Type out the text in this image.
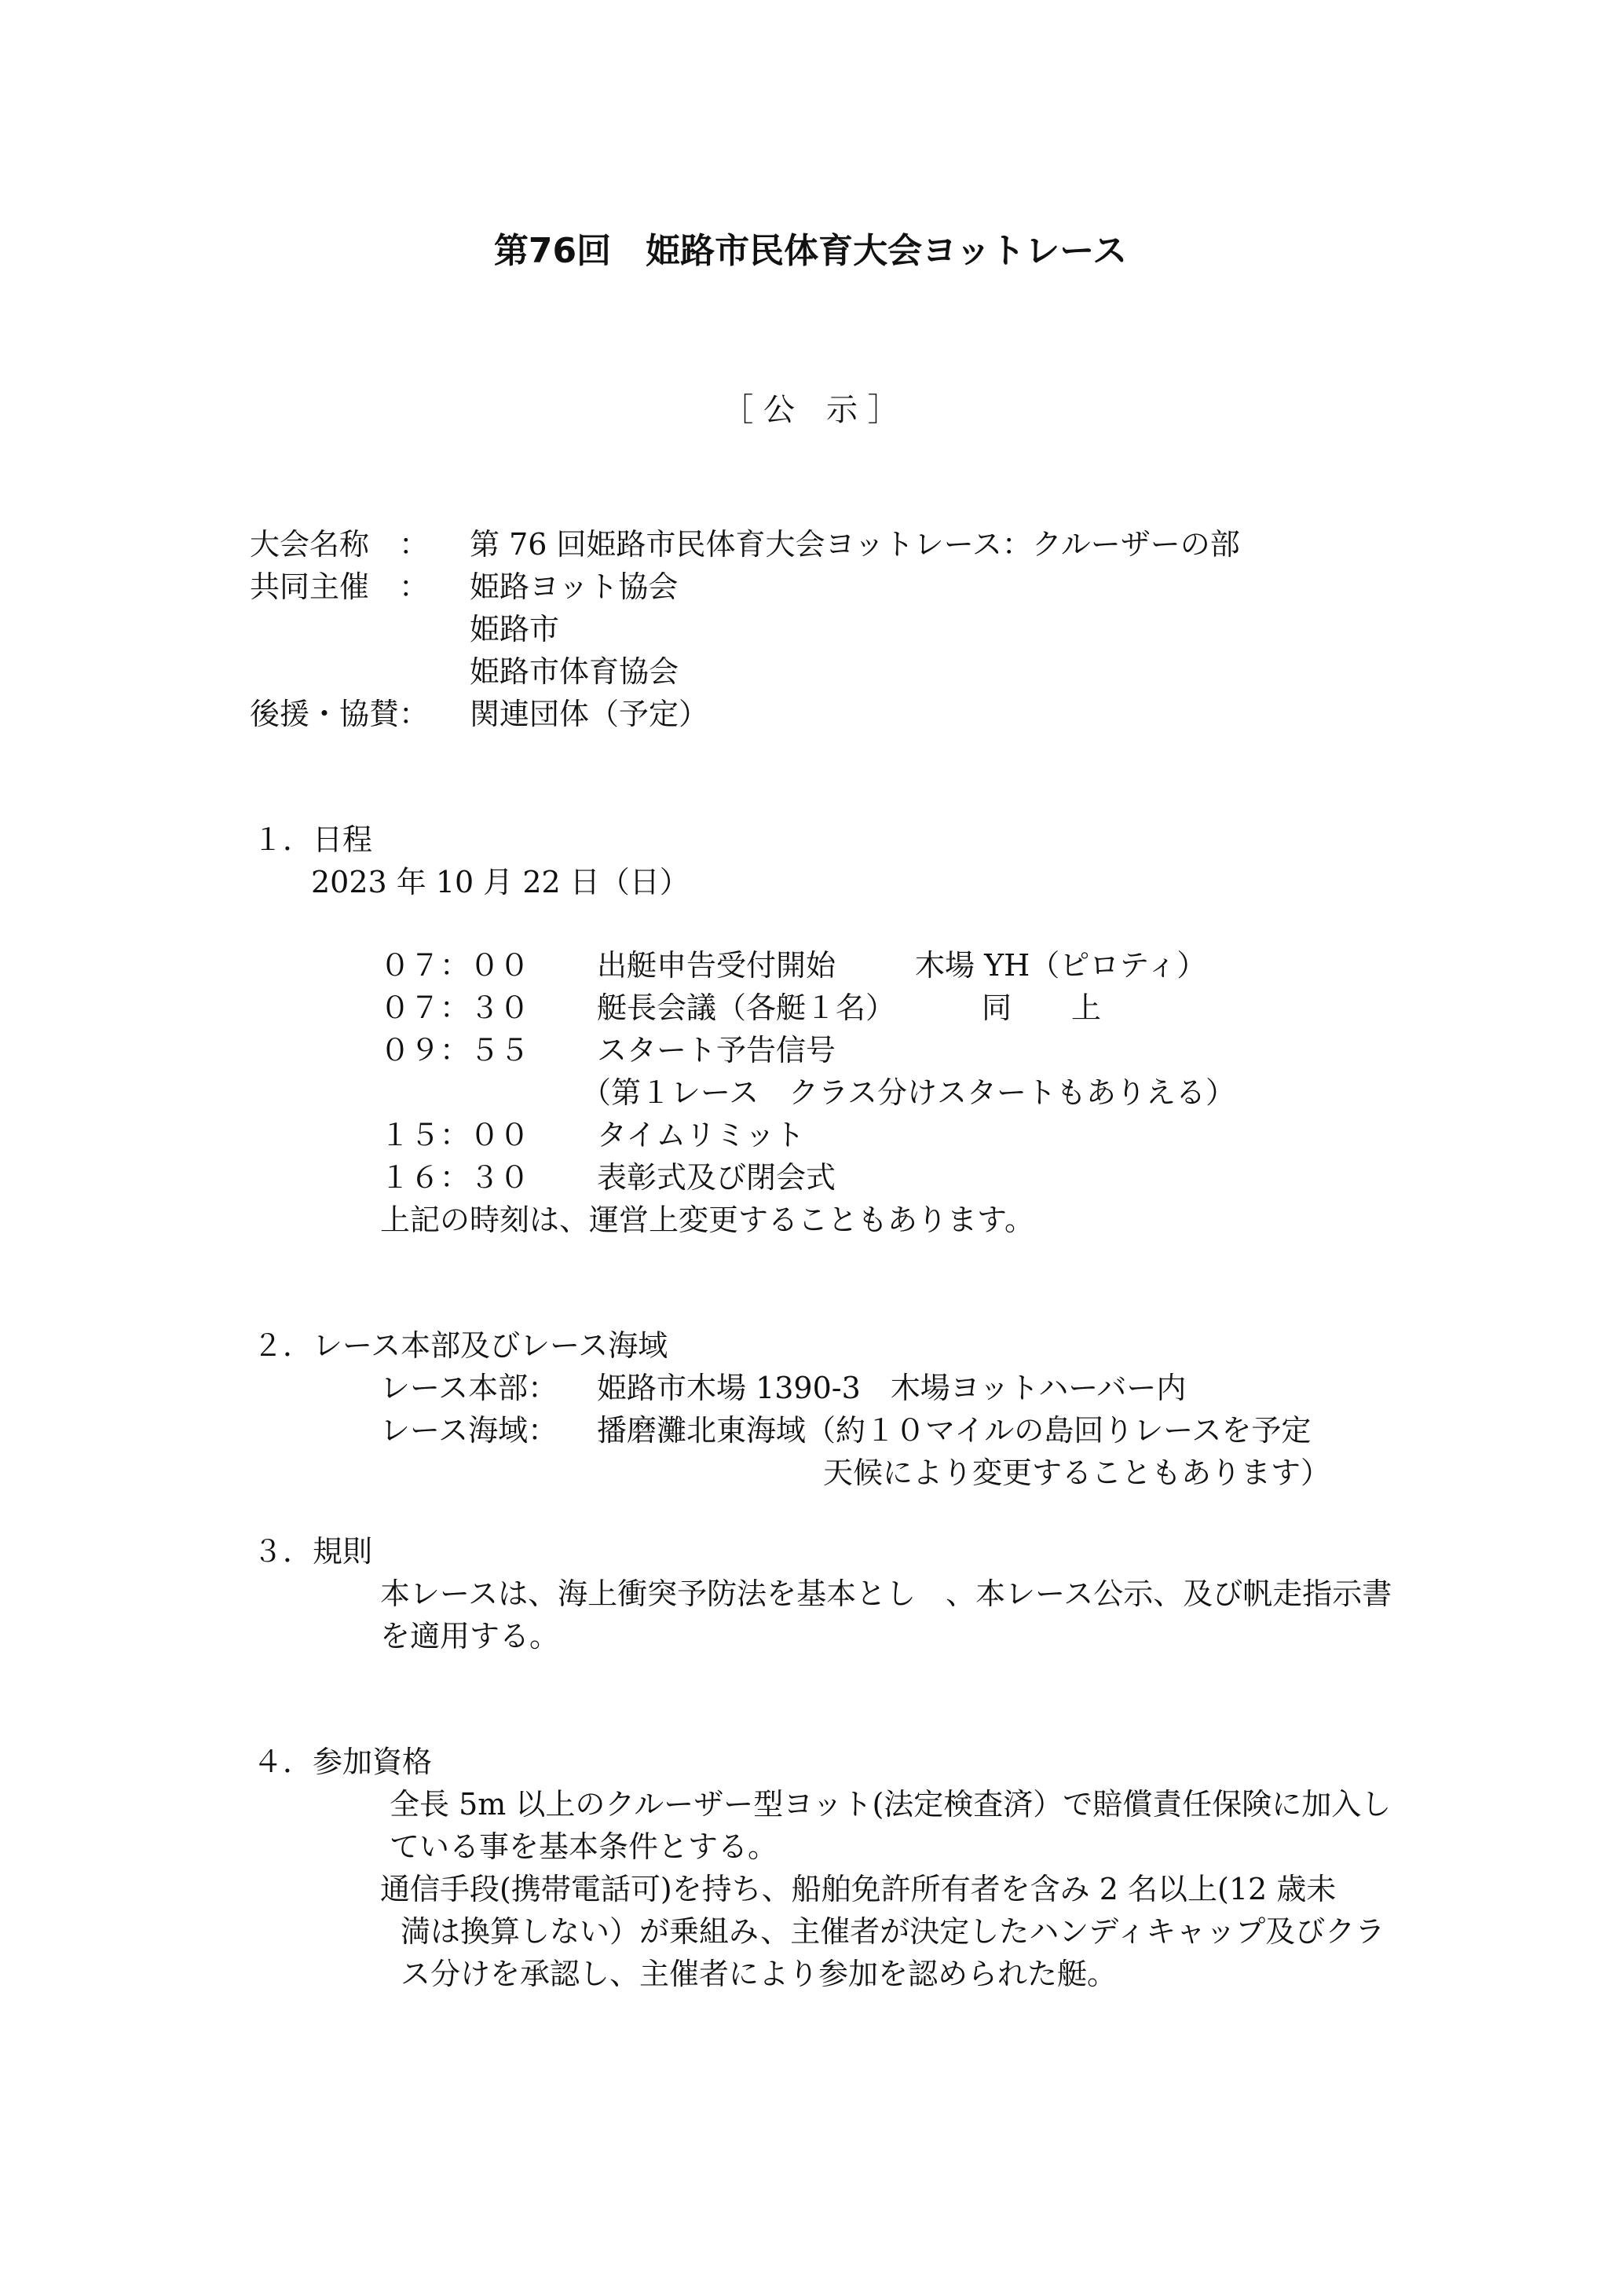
第76回　姫路市民体育大会ヨットレース
［ 公　示 ］
大会名称　： 第 76 回姫路市民体育大会ヨットレース：クルーザーの部
共同主催　： 姫路ヨット協会
姫路市
姫路市体育協会
後援・協賛： 関連団体（予定）
１．日程
2023 年 10 月 22 日（日）
０７：００ 出艇申告受付開始	木場 YH（ピロティ）
０７：３０ 艇長会議（各艇１名）	同　　上
０９：５５ スタート予告信号
（第１レース　クラス分けスタートもありえる）
１５：００ タイムリミット
１６：３０ 表彰式及び閉会式
上記の時刻は、運営上変更することもあります。
２．レース本部及びレース海域
レース本部： 姫路市木場 1390-3　木場ヨットハーバー内
レース海域： 播磨灘北東海域（約１０マイルの島回りレースを予定
天候により変更することもあります）
３．規則
本レースは、海上衝突予防法を基本とし　、本レース公示、及び帆走指示書
を適用する。
４．参加資格
全長 5m 以上のクルーザー型ヨット(法定検査済）で賠償責任保険に加入し
ている事を基本条件とする。
通信手段(携帯電話可)を持ち、船舶免許所有者を含み 2 名以上(12 歳未
満は換算しない）が乗組み、主催者が決定したハンディキャップ及びクラ
ス分けを承認し、主催者により参加を認められた艇。
